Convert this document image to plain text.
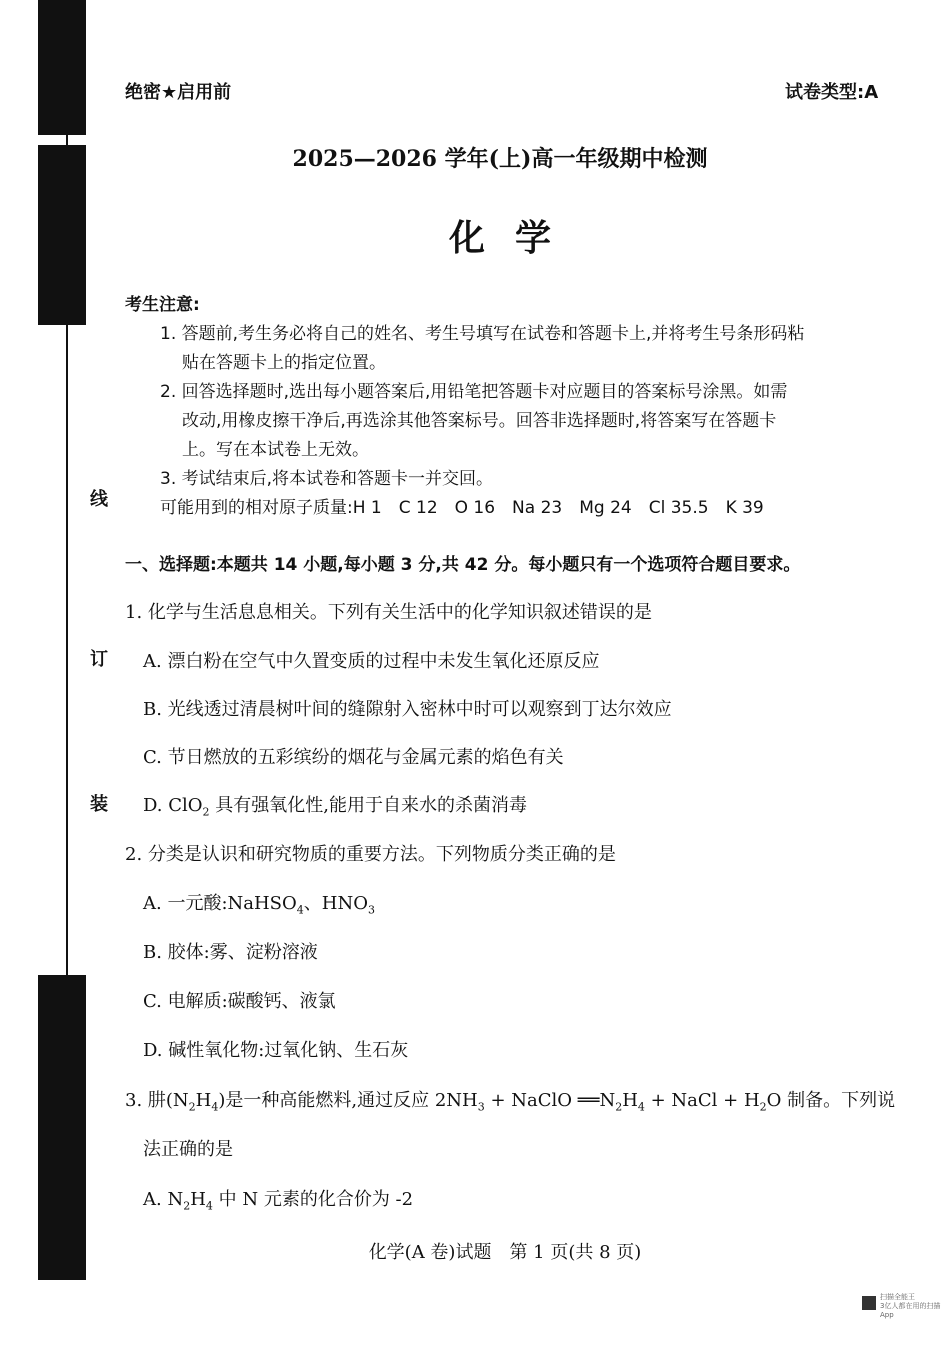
线
订
装
绝密★启用前	试卷类型:A
2025—2026 学年(上)高一年级期中检测
化学
考生注意:
1. 答题前,考生务必将自己的姓名、考生号填写在试卷和答题卡上,并将考生号条形码粘
贴在答题卡上的指定位置。
2. 回答选择题时,选出每小题答案后,用铅笔把答题卡对应题目的答案标号涂黑。如需
改动,用橡皮擦干净后,再选涂其他答案标号。回答非选择题时,将答案写在答题卡
上。写在本试卷上无效。
3. 考试结束后,将本试卷和答题卡一并交回。
可能用到的相对原子质量:H 1　C 12　O 16　Na 23　Mg 24　Cl 35.5　K 39
一、选择题:本题共 14 小题,每小题 3 分,共 42 分。每小题只有一个选项符合题目要求。
1. 化学与生活息息相关。下列有关生活中的化学知识叙述错误的是
A. 漂白粉在空气中久置变质的过程中未发生氧化还原反应
B. 光线透过清晨树叶间的缝隙射入密林中时可以观察到丁达尔效应
C. 节日燃放的五彩缤纷的烟花与金属元素的焰色有关
D. ClO$_2$ 具有强氧化性,能用于自来水的杀菌消毒
2. 分类是认识和研究物质的重要方法。下列物质分类正确的是
A. 一元酸:NaHSO$_4$、$HNO_3$
B. 胶体:雾、淀粉溶液
C. 电解质:碳酸钙、液氯
D. 碱性氧化物:过氧化钠、生石灰
3. 肼$(N_2H_4)$是一种高能燃料,通过反应 $2NH_3$ + NaClO $══N_2H_4$ + NaCl + $H_2O$ 制备。下列说
法正确的是
A. $N_2H_4$ 中 N 元素的化合价为 -2
化学(A 卷)试题　第 1 页(共 8 页)
扫描全能王
3亿人都在用的扫描App
